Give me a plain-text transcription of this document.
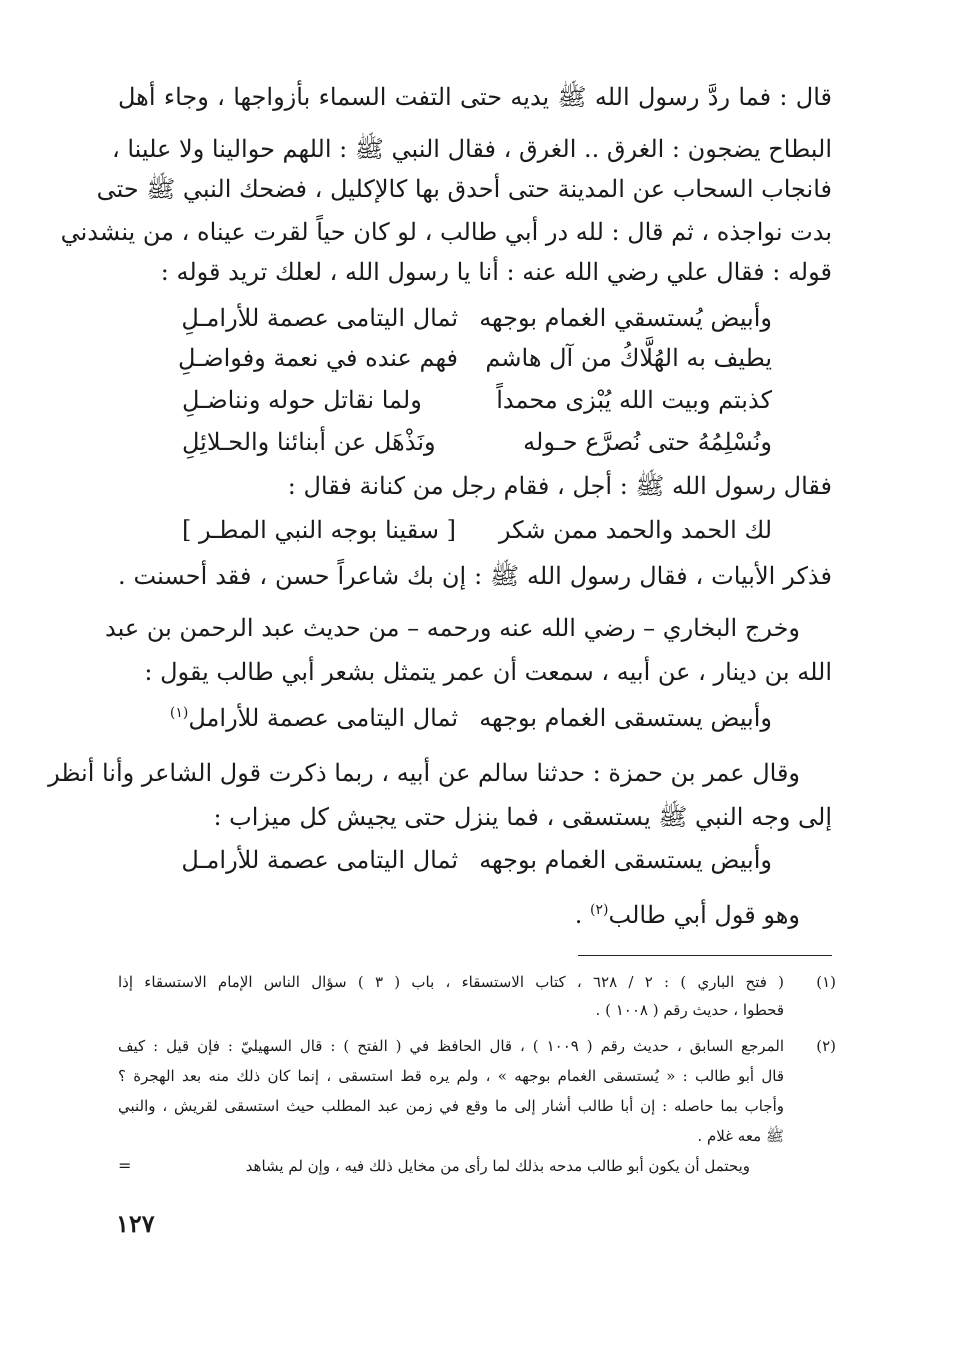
قال : فما ردَّ رسول الله ﷺ يديه حتى التفت السماء بأزواجها ، وجاء أهل
البطاح يضجون : الغرق .. الغرق ، فقال النبي ﷺ : اللهم حوالينا ولا علينا ،
فانجاب السحاب عن المدينة حتى أحدق بها كالإكليل ، فضحك النبي ﷺ حتى
بدت نواجذه ، ثم قال : لله در أبي طالب ، لو كان حياً لقرت عيناه ، من ينشدني
قوله : فقال علي رضي الله عنه : أنا يا رسول الله ، لعلك تريد قوله :
وأبيض يُستسقي الغمام بوجهه
ثمال اليتامى عصمة للأرامـلِ
يطيف به الهُلَّاكُ من آل هاشم
فهم عنده في نعمة وفواضـلِ
كذبتم وبيت الله يُبْزى محمداً
ولما نقاتل حوله ونناضـلِ
ونُسْلِمُهُ حتى نُصرَّع حـوله
ونَذْهَل عن أبنائنا والحـلائِلِ
فقال رسول الله ﷺ : أجل ، فقام رجل من كنانة فقال :
لك الحمد والحمد ممن شكر
[ سقينا بوجه النبي المطـر ]
فذكر الأبيات ، فقال رسول الله ﷺ : إن بك شاعراً حسن ، فقد أحسنت .
وخرج البخاري – رضي الله عنه ورحمه – من حديث عبد الرحمن بن عبد
الله بن دينار ، عن أبيه ، سمعت أن عمر يتمثل بشعر أبي طالب يقول :
وأبيض يستسقى الغمام بوجهه
ثمال اليتامى عصمة للأرامل$^{(١)}$
وقال عمر بن حمزة : حدثنا سالم عن أبيه ، ربما ذكرت قول الشاعر وأنا أنظر
إلى وجه النبي ﷺ يستسقى ، فما ينزل حتى يجيش كل ميزاب :
وأبيض يستسقى الغمام بوجهه
ثمال اليتامى عصمة للأرامـل
وهو قول أبي طالب$^{(٢)}$ .
(١)
( فتح الباري ) : ٢ / ٦٢٨ ، كتاب الاستسقاء ، باب ( ٣ ) سؤال الناس الإمام الاستسقاء إذا
قحطوا ، حديث رقم ( ١٠٠٨ ) .
(٢)
المرجع السابق ، حديث رقم ( ١٠٠٩ ) ، قال الحافظ في ( الفتح ) : قال السهيليّ : فإن قيل : كيف
قال أبو طالب : « يُستسقى الغمام بوجهه » ، ولم يره قط استسقى ، إنما كان ذلك منه بعد الهجرة ؟
وأجاب بما حاصله : إن أبا طالب أشار إلى ما وقع في زمن عبد المطلب حيث استسقى لقريش ، والنبي
ﷺ معه غلام .
ويحتمل أن يكون أبو طالب مدحه بذلك لما رأى من مخايل ذلك فيه ، وإن لم يشاهد
=
١٢٧
